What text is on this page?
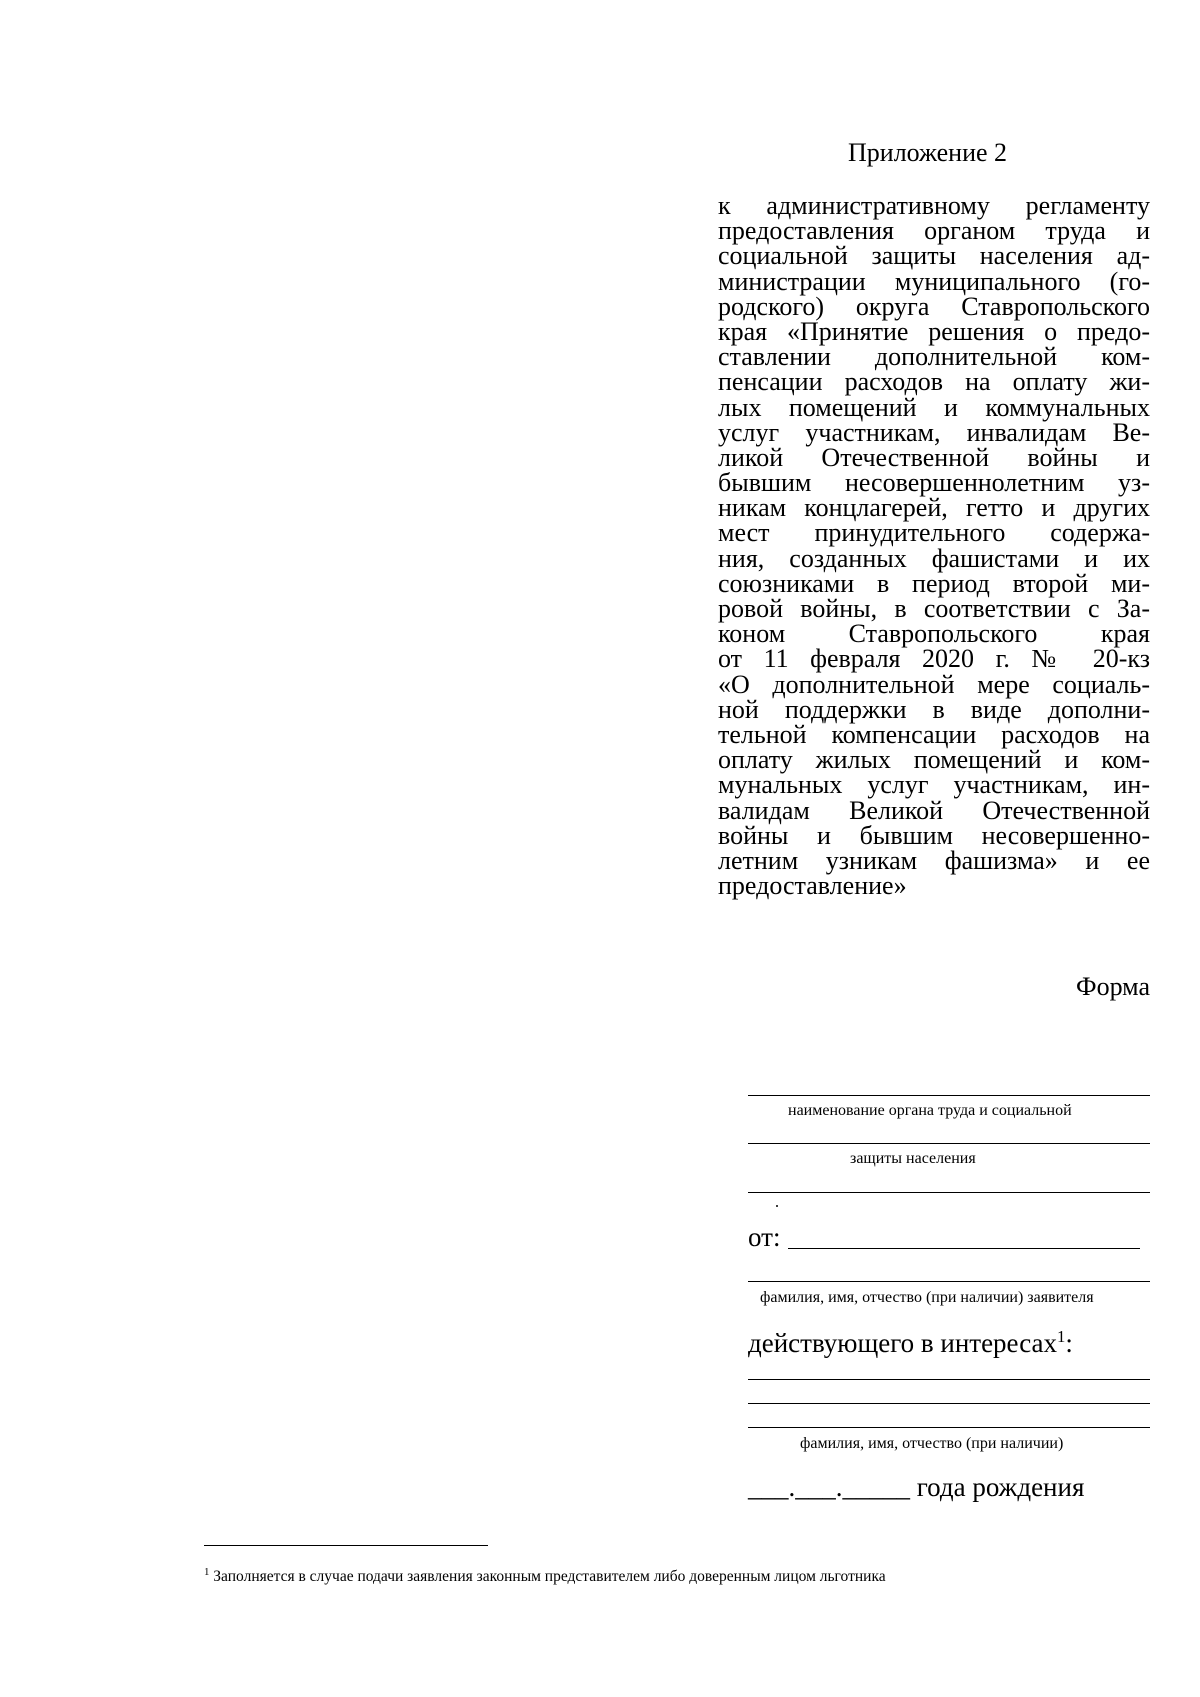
Приложение 2
к административному регламенту
предоставления органом труда и
социальной защиты населения ад-
министрации муниципального (го-
родского) округа Ставропольского
края «Принятие решения о предо-
ставлении дополнительной ком-
пенсации расходов на оплату жи-
лых помещений и коммунальных
услуг участникам, инвалидам Ве-
ликой Отечественной войны и
бывшим несовершеннолетним уз-
никам концлагерей, гетто и других
мест принудительного содержа-
ния, созданных фашистами и их
союзниками в период второй ми-
ровой войны, в соответствии с За-
коном Ставропольского края
от 11 февраля 2020 г. № 20-кз
«О дополнительной мере социаль-
ной поддержки в виде дополни-
тельной компенсации расходов на
оплату жилых помещений и ком-
мунальных услуг участникам, ин-
валидам Великой Отечественной
войны и бывшим несовершенно-
летним узникам фашизма» и ее
предоставление»
Форма
наименование органа труда и социальной
защиты населения
от:
фамилия, имя, отчество (при наличии) заявителя
действующего в интересах$^1$:
фамилия, имя, отчество (при наличии)
___.___._____ года рождения
$^1$ Заполняется в случае подачи заявления законным представителем либо доверенным лицом льготника
